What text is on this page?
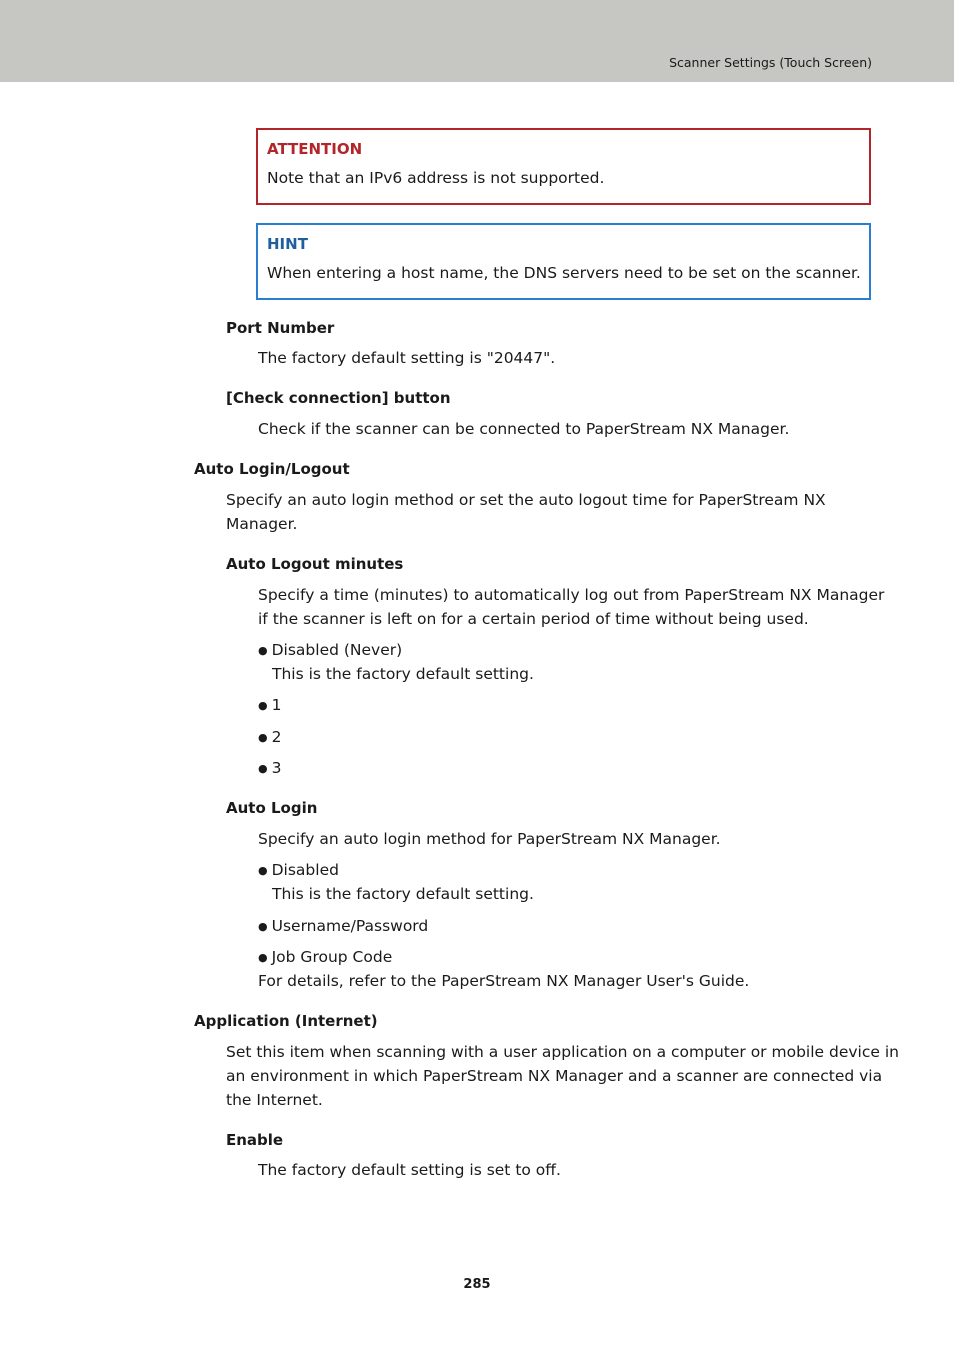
Scanner Settings (Touch Screen)
ATTENTION
Note that an IPv6 address is not supported.
HINT
When entering a host name, the DNS servers need to be set on the scanner.
Port Number
The factory default setting is "20447".
[Check connection] button
Check if the scanner can be connected to PaperStream NX Manager.
Auto Login/Logout
Specify an auto login method or set the auto logout time for PaperStream NX
Manager.
Auto Logout minutes
Specify a time (minutes) to automatically log out from PaperStream NX Manager
if the scanner is left on for a certain period of time without being used.
● Disabled (Never)
This is the factory default setting.
● 1
● 2
● 3
Auto Login
Specify an auto login method for PaperStream NX Manager.
● Disabled
This is the factory default setting.
● Username/Password
● Job Group Code
For details, refer to the PaperStream NX Manager User's Guide.
Application (Internet)
Set this item when scanning with a user application on a computer or mobile device in
an environment in which PaperStream NX Manager and a scanner are connected via
the Internet.
Enable
The factory default setting is set to off.
285
